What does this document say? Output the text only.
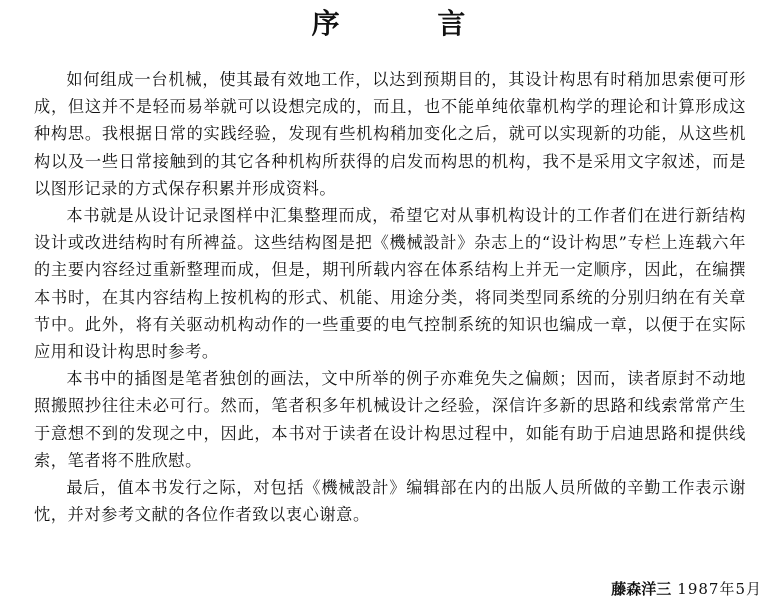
序 言

如何组成一台机械，使其最有效地工作，以达到预期目的，其设计构思有时稍加思索便可形成，但这并不是轻而易举就可以设想完成的，而且，也不能单纯依靠机构学的理论和计算形成这种构思。我根据日常的实践经验，发现有些机构稍加变化之后，就可以实现新的功能，从这些机构以及一些日常接触到的其它各种机构所获得的启发而构思的机构，我不是采用文字叙述，而是以图形记录的方式保存积累并形成资料。

本书就是从设计记录图样中汇集整理而成，希望它对从事机构设计的工作者们在进行新结构设计或改进结构时有所裨益。这些结构图是把《機械設計》杂志上的“设计构思”专栏上连载六年的主要内容经过重新整理而成，但是，期刊所载内容在体系结构上并无一定顺序，因此，在编撰本书时，在其内容结构上按机构的形式、机能、用途分类，将同类型同系统的分别归纳在有关章节中。此外，将有关驱动机构动作的一些重要的电气控制系统的知识也编成一章，以便于在实际应用和设计构思时参考。

本书中的插图是笔者独创的画法，文中所举的例子亦难免失之偏颇；因而，读者原封不动地照搬照抄往往未必可行。然而，笔者积多年机械设计之经验，深信许多新的思路和线索常常产生于意想不到的发现之中，因此，本书对于读者在设计构思过程中，如能有助于启迪思路和提供线索，笔者将不胜欣慰。

最后，值本书发行之际，对包括《機械設計》编辑部在内的出版人员所做的辛勤工作表示谢忱，并对参考文献的各位作者致以衷心谢意。

藤森洋三 1987年5月
